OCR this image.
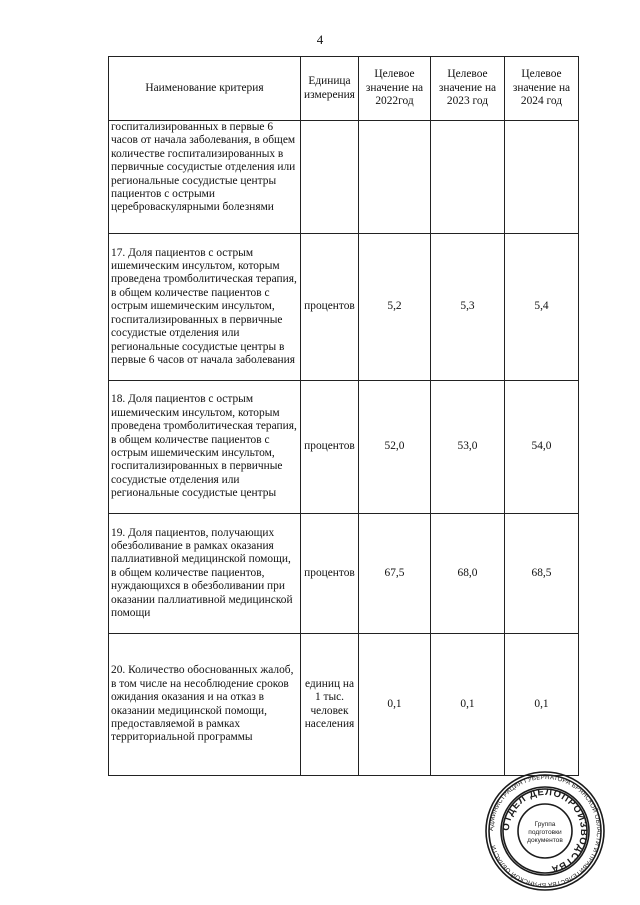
4
Наименование критерия	Единица измерения	Целевое значение на 2022год	Целевое значение на 2023 год	Целевое значение на 2024 год
госпитализированных в первые 6 часов от начала заболевания, в общем количестве госпитализированных в первичные сосудистые отделения или региональные сосудистые центры пациентов с острыми цереброваскулярными болезнями				
17. Доля пациентов с острым ишемическим инсультом, которым проведена тромболитическая терапия, в общем количестве пациентов с острым ишемическим инсультом, госпитализированных в первичные сосудистые отделения или региональные сосудистые центры в первые 6 часов от начала заболевания	процентов	5,2	5,3	5,4
18. Доля пациентов с острым ишемическим инсультом, которым проведена тромболитическая терапия, в общем количестве пациентов с острым ишемическим инсультом, госпитализированных в первичные сосудистые отделения или региональные сосудистые центры	процентов	52,0	53,0	54,0
19. Доля пациентов, получающих обезболивание в рамках оказания паллиативной медицинской помощи, в общем количестве пациентов, нуждающихся в обезболивании при оказании паллиативной медицинской помощи	процентов	67,5	68,0	68,5
20. Количество обоснованных жалоб, в том числе на несоблюдение сроков ожидания оказания и на отказ в оказании медицинской помощи, предоставляемой в рамках территориальной программы	единиц на 1 тыс. человек населения	0,1	0,1	0,1
АДМИНИСТРАЦИЯ ГУБЕРНАТОРА БРЯНСКОЙ ОБЛАСТИ И ПРАВИТЕЛЬСТВА БРЯНСКОЙ ОБЛАСТИ
ОТДЕЛ ДЕЛОПРОИЗВОДСТВА
Группа
подготовки
документов
